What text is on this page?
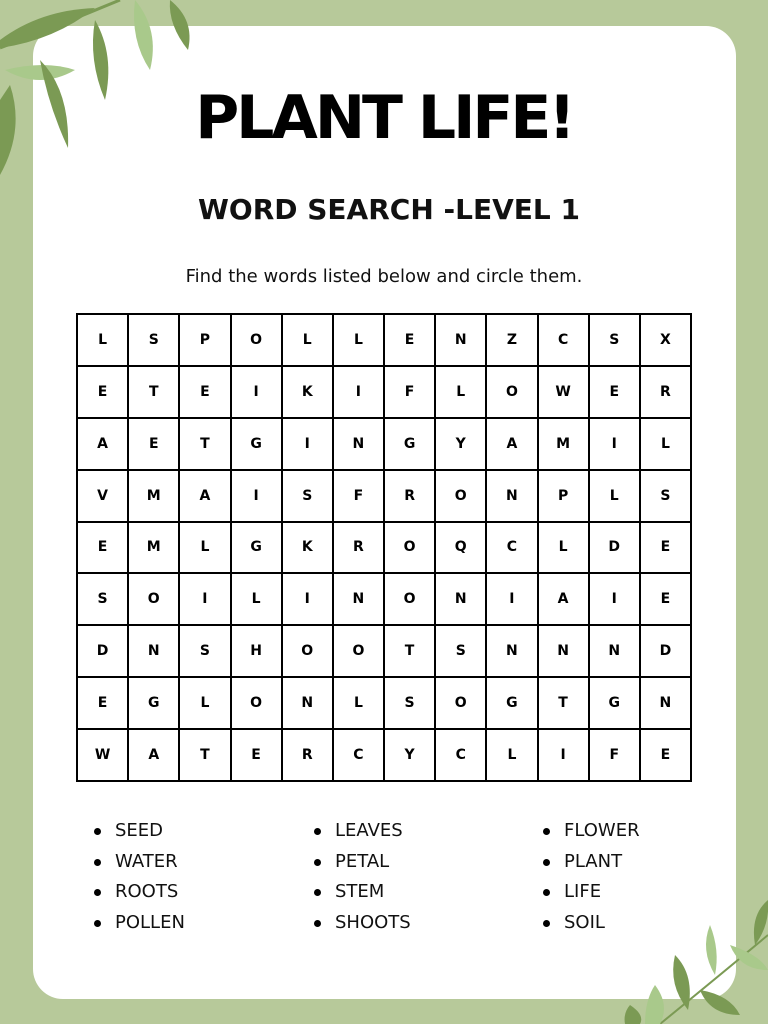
PLANT LIFE!
WORD SEARCH -LEVEL 1

Find the words listed below and circle them.

L	S	P	O	L	L	E	N	Z	C	S	X
E	T	E	I	K	I	F	L	O	W	E	R
A	E	T	G	I	N	G	Y	A	M	I	L
V	M	A	I	S	F	R	O	N	P	L	S
E	M	L	G	K	R	O	Q	C	L	D	E
S	O	I	L	I	N	O	N	I	A	I	E
D	N	S	H	O	O	T	S	N	N	N	D
E	G	L	O	N	L	S	O	G	T	G	N
W	A	T	E	R	C	Y	C	L	I	F	E
SEED
WATER
ROOTS
POLLEN
LEAVES
PETAL
STEM
SHOOTS
FLOWER
PLANT
LIFE
SOIL
